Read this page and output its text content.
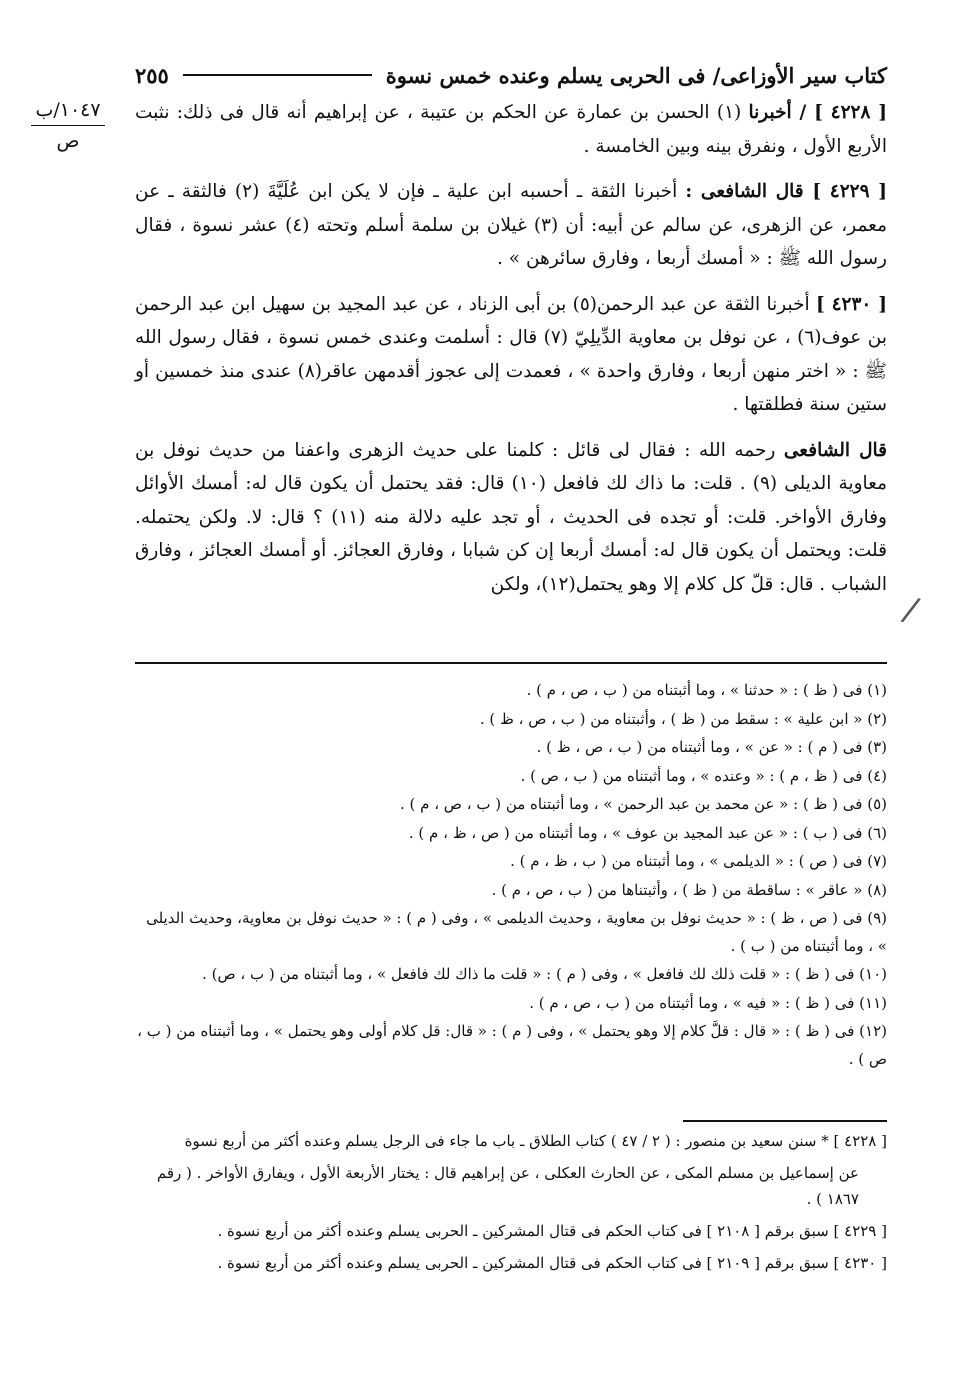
كتاب سير الأوزاعى/ فى الحربى يسلم وعنده خمس نسوة
٢٥٥
١٠٤٧/ب
ص
/

[ ٤٢٢٨ ] / أخبرنا (١) الحسن بن عمارة عن الحكم بن عتيبة ، عن إبراهيم أنه قال فى ذلك: نثبت الأربع الأول ، ونفرق بينه وبين الخامسة .

[ ٤٢٢٩ ] قال الشافعى : أخبرنا الثقة ـ أحسبه ابن علية ـ فإن لا يكن ابن عُلَيَّةَ (٢) فالثقة ـ عن معمر، عن الزهرى، عن سالم عن أبيه: أن (٣) غيلان بن سلمة أسلم وتحته (٤) عشر نسوة ، فقال رسول الله ﷺ : « أمسك أربعا ، وفارق سائرهن » .

[ ٤٢٣٠ ] أخبرنا الثقة عن عبد الرحمن(٥) بن أبى الزناد ، عن عبد المجيد بن سهيل ابن عبد الرحمن بن عوف(٦) ، عن نوفل بن معاوية الدِّيلِيّ (٧) قال : أسلمت وعندى خمس نسوة ، فقال رسول الله ﷺ : « اختر منهن أربعا ، وفارق واحدة » ، فعمدت إلى عجوز أقدمهن عاقر(٨) عندى منذ خمسين أو ستين سنة فطلقتها .

قال الشافعى رحمه الله : فقال لى قائل : كلمنا على حديث الزهرى واعفنا من حديث نوفل بن معاوية الديلى (٩) . قلت: ما ذاك لك فافعل (١٠) قال: فقد يحتمل أن يكون قال له: أمسك الأوائل وفارق الأواخر. قلت: أو تجده فى الحديث ، أو تجد عليه دلالة منه (١١) ؟ قال: لا. ولكن يحتمله. قلت: ويحتمل أن يكون قال له: أمسك أربعا إن كن شبابا ، وفارق العجائز. أو أمسك العجائز ، وفارق الشباب . قال: قلّ كل كلام إلا وهو يحتمل(١٢)، ولكن

(١) فى ( ظ ) : « حدثنا » ، وما أثبتناه من ( ب ، ص ، م ) .

(٢) « ابن علية » : سقط من ( ظ ) ، وأثبتناه من ( ب ، ص ، ظ ) .

(٣) فى ( م ) : « عن » ، وما أثبتناه من ( ب ، ص ، ظ ) .

(٤) فى ( ظ ، م ) : « وعنده » ، وما أثبتناه من ( ب ، ص ) .

(٥) فى ( ظ ) : « عن محمد بن عبد الرحمن » ، وما أثبتناه من ( ب ، ص ، م ) .

(٦) فى ( ب ) : « عن عبد المجيد بن عوف » ، وما أثبتناه من ( ص ، ظ ، م ) .

(٧) فى ( ص ) : « الديلمى » ، وما أثبتناه من ( ب ، ظ ، م ) .

(٨) « عاقر » : ساقطة من ( ظ ) ، وأثبتناها من ( ب ، ص ، م ) .

(٩) فى ( ص ، ظ ) : « حديث نوفل بن معاوية ، وحديث الديلمى » ، وفى ( م ) : « حديث نوفل بن معاوية، وحديث الديلى » ، وما أثبتناه من ( ب ) .

(١٠) فى ( ظ ) : « قلت ذلك لك فافعل » ، وفى ( م ) : « قلت ما ذاك لك فافعل » ، وما أثبتناه من ( ب ، ص) .

(١١) فى ( ظ ) : « فيه » ، وما أثبتناه من ( ب ، ص ، م ) .

(١٢) فى ( ظ ) : « قال : قلَّ كلام إلا وهو يحتمل » ، وفى ( م ) : « قال: قل كلام أولى وهو يحتمل » ، وما أثبتناه من ( ب ، ص ) .

[ ٤٢٢٨ ] * سنن سعيد بن منصور : ( ٢ / ٤٧ ) كتاب الطلاق ـ باب ما جاء فى الرجل يسلم وعنده أكثر من أربع نسوة

عن إسماعيل بن مسلم المكى ، عن الحارث العكلى ، عن إبراهيم قال : يختار الأربعة الأول ، ويفارق الأواخر . ( رقم ١٨٦٧ ) .

[ ٤٢٢٩ ] سبق برقم [ ٢١٠٨ ] فى كتاب الحكم فى قتال المشركين ـ الحربى يسلم وعنده أكثر من أربع نسوة .

[ ٤٢٣٠ ] سبق برقم [ ٢١٠٩ ] فى كتاب الحكم فى قتال المشركين ـ الحربى يسلم وعنده أكثر من أربع نسوة .
